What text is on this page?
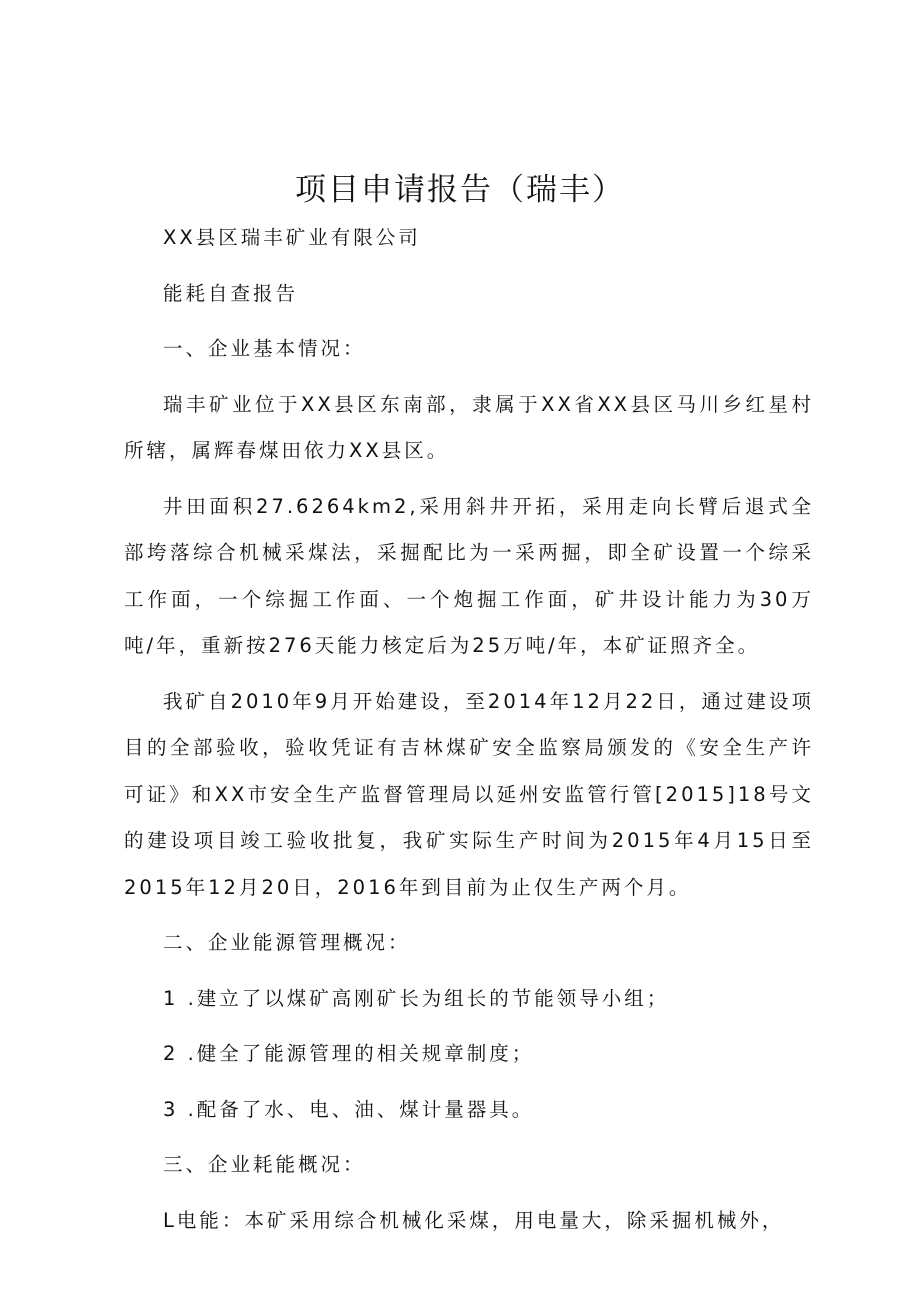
项目申请报告（瑞丰）

XX县区瑞丰矿业有限公司

能耗自查报告

一、企业基本情况：

瑞丰矿业位于XX县区东南部，隶属于XX省XX县区马川乡红星村所辖，属辉春煤田依力XX县区。

井田面积27.6264km2,采用斜井开拓，采用走向长臂后退式全部垮落综合机械采煤法，采掘配比为一采两掘，即全矿设置一个综采工作面，一个综掘工作面、一个炮掘工作面，矿井设计能力为30万吨/年，重新按276天能力核定后为25万吨/年，本矿证照齐全。

我矿自2010年9月开始建设，至2014年12月22日，通过建设项目的全部验收，验收凭证有吉林煤矿安全监察局颁发的《安全生产许可证》和XX市安全生产监督管理局以延州安监管行管[2015]18号文的建设项目竣工验收批复，我矿实际生产时间为2015年4月15日至2015年12月20日，2016年到目前为止仅生产两个月。

二、企业能源管理概况：

1 .建立了以煤矿高刚矿长为组长的节能领导小组；

2 .健全了能源管理的相关规章制度；

3 .配备了水、电、油、煤计量器具。

三、企业耗能概况：

L电能：本矿采用综合机械化采煤，用电量大，除采掘机械外，
